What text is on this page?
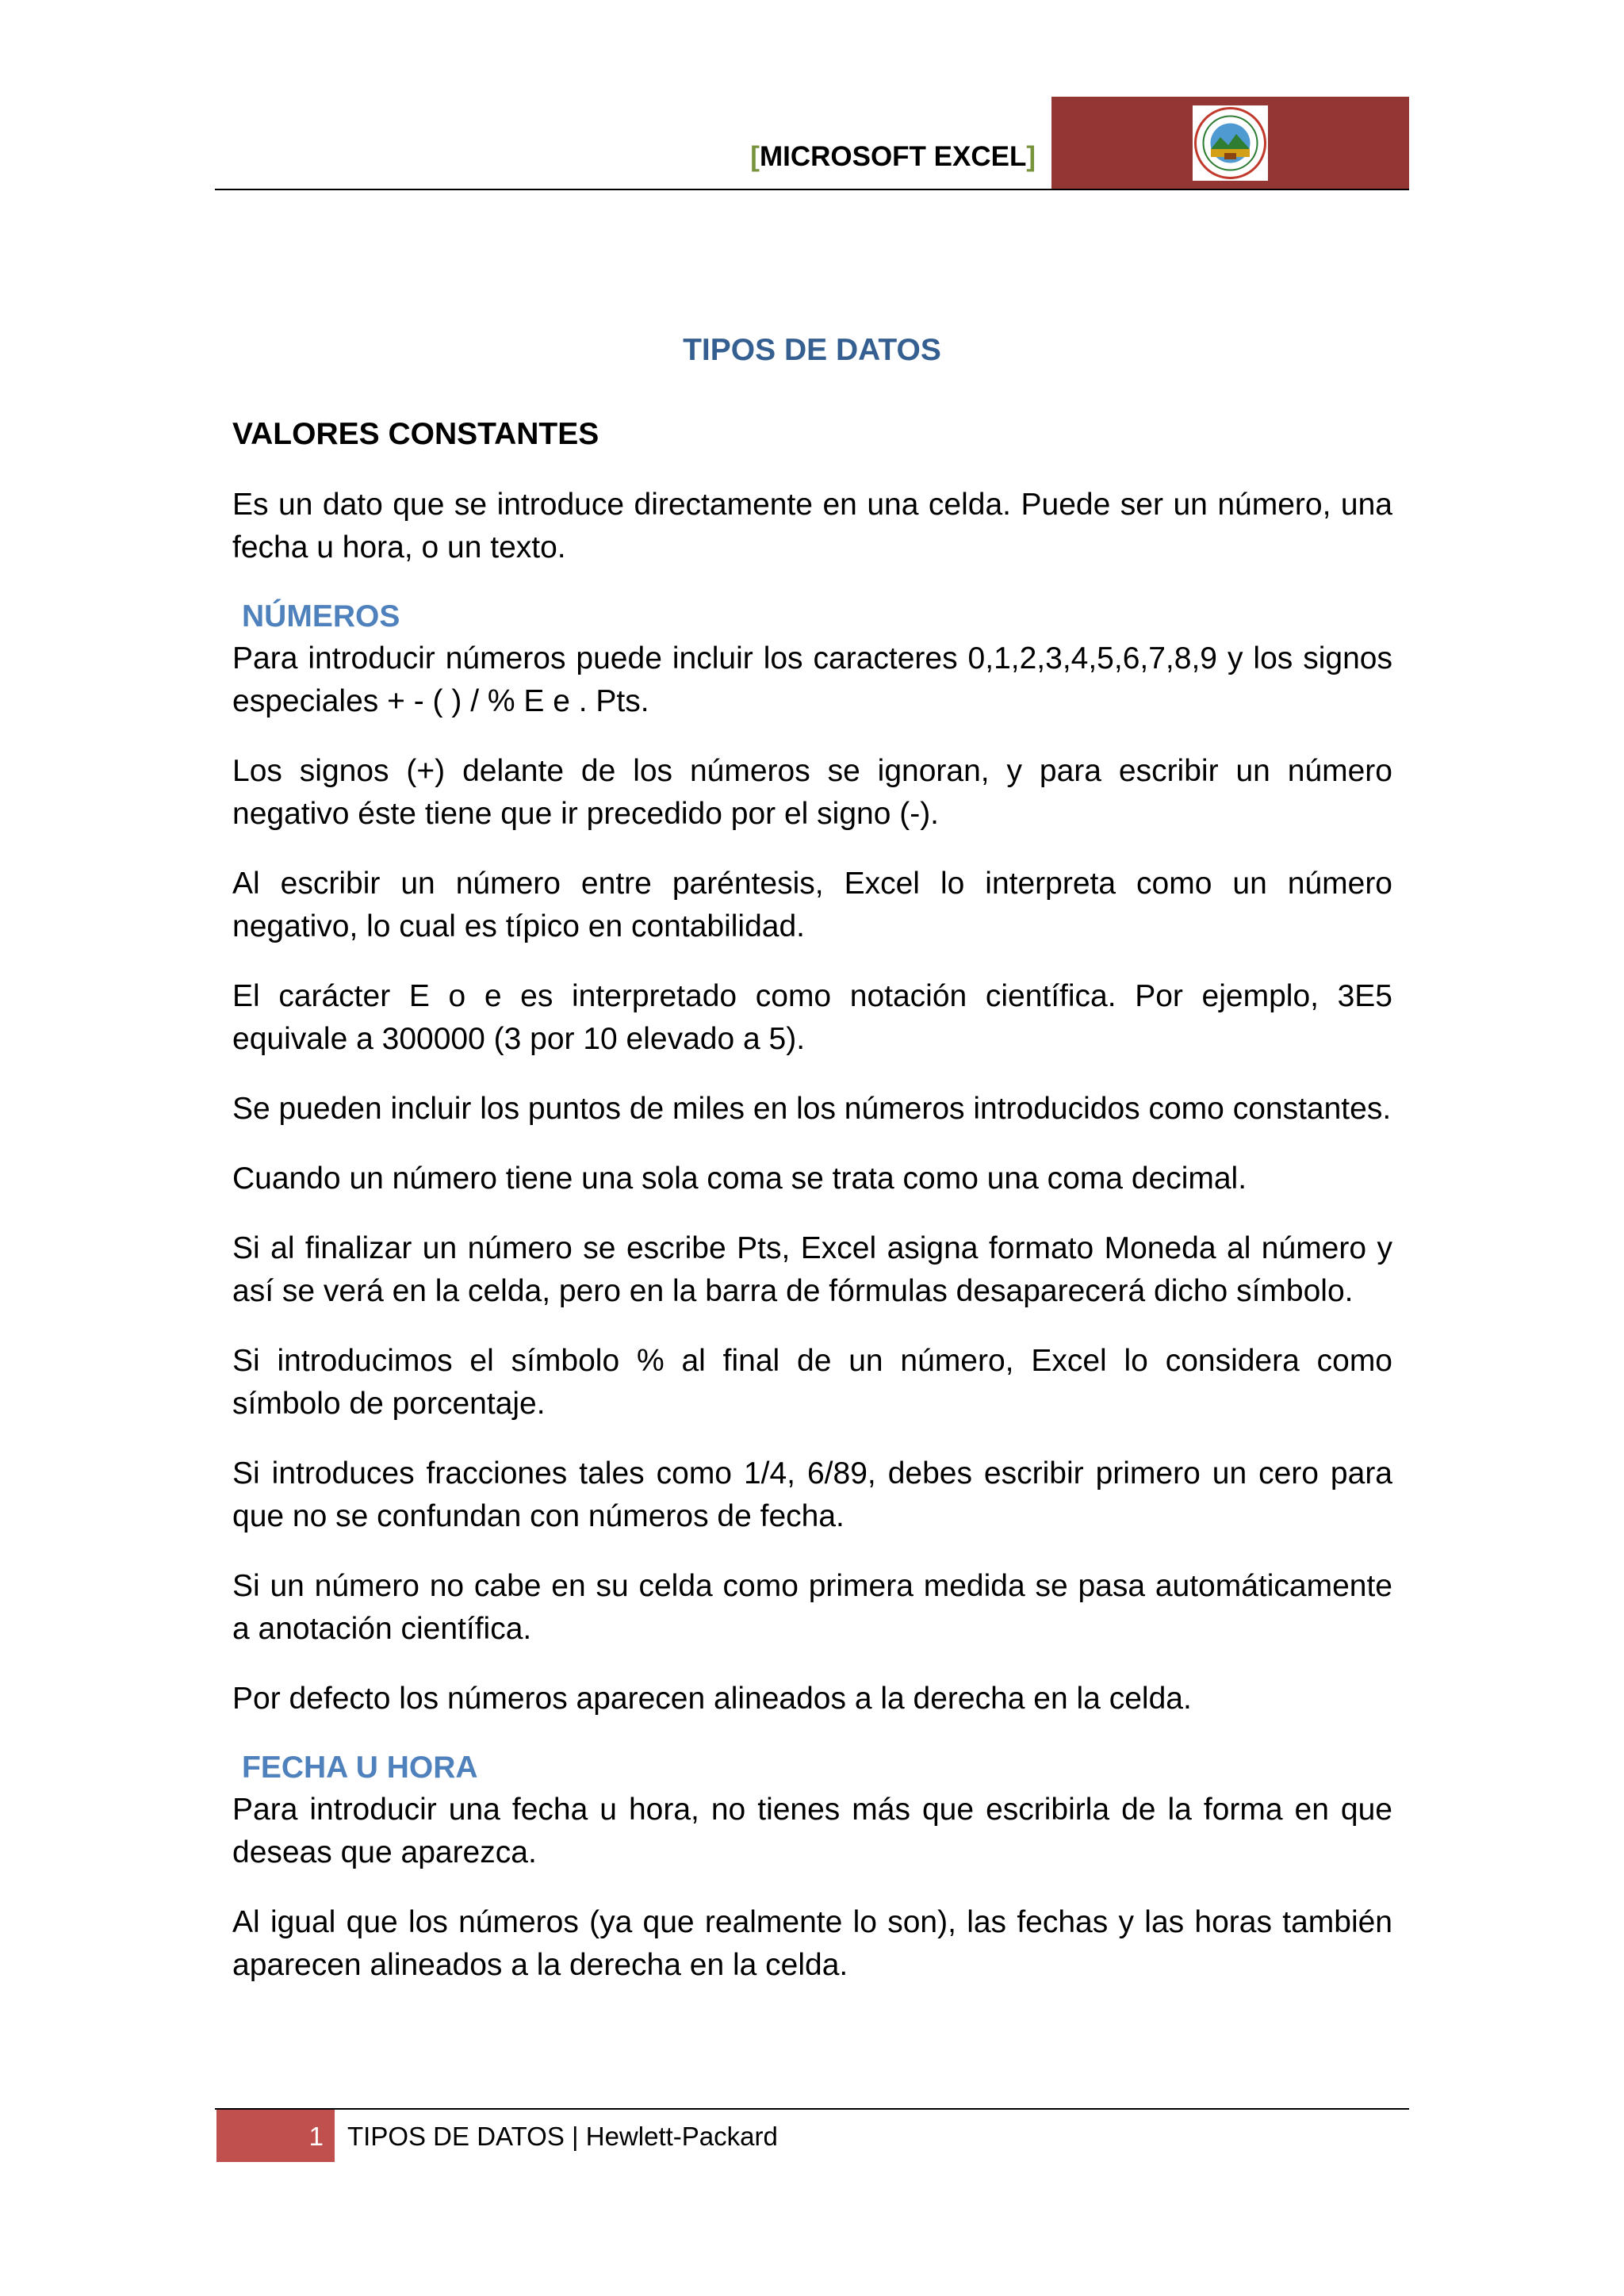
[MICROSOFT EXCEL]
TIPOS DE DATOS
VALORES CONSTANTES

Es un dato que se introduce directamente en una celda. Puede ser un número, una fecha u hora, o un texto.

NÚMEROS

Para introducir números puede incluir los caracteres 0,1,2,3,4,5,6,7,8,9 y los signos especiales + - ( ) / % E e . Pts.

Los signos (+) delante de los números se ignoran, y para escribir un número negativo éste tiene que ir precedido por el signo (-).

Al escribir un número entre paréntesis, Excel lo interpreta como un número negativo, lo cual es típico en contabilidad.

El carácter E o e es interpretado como notación científica. Por ejemplo, 3E5 equivale a 300000 (3 por 10 elevado a 5).

Se pueden incluir los puntos de miles en los números introducidos como constantes.

Cuando un número tiene una sola coma se trata como una coma decimal.

Si al finalizar un número se escribe Pts, Excel asigna formato Moneda al número y así se verá en la celda, pero en la barra de fórmulas desaparecerá dicho símbolo.

Si introducimos el símbolo % al final de un número, Excel lo considera como símbolo de porcentaje.

Si introduces fracciones tales como 1/4, 6/89, debes escribir primero un cero para que no se confundan con números de fecha.

Si un número no cabe en su celda como primera medida se pasa automáticamente a anotación científica.

Por defecto los números aparecen alineados a la derecha en la celda.

FECHA U HORA

Para introducir una fecha u hora, no tienes más que escribirla de la forma en que deseas que aparezca.

Al igual que los números (ya que realmente lo son), las fechas y las horas también aparecen alineados a la derecha en la celda.

1 TIPOS DE DATOS | Hewlett-Packard
